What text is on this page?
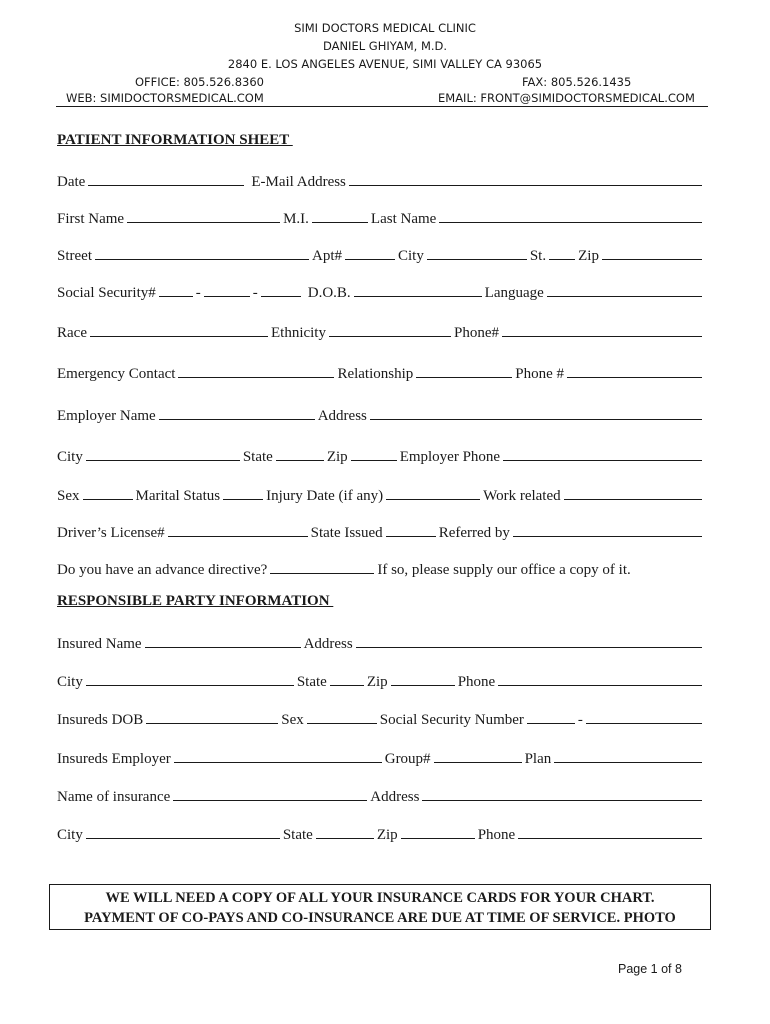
SIMI DOCTORS MEDICAL CLINIC
DANIEL GHIYAM, M.D.
2840 E. LOS ANGELES AVENUE, SIMI VALLEY CA 93065
OFFICE: 805.526.8360	FAX: 805.526.1435
WEB: SIMIDOCTORSMEDICAL.COM	EMAIL: FRONT@SIMIDOCTORSMEDICAL.COM
PATIENT INFORMATION SHEET
Date	E-Mail Address
First Name	M.I.	Last Name
Street	Apt#	City	St. Zip
Social Security#	-	-	D.O.B.	Language
Race	Ethnicity	Phone#
Emergency Contact	Relationship	Phone #
Employer Name	Address
City	State	Zip	Employer Phone
Sex	Marital Status	Injury Date (if any)	Work related
Driver’s License#	State Issued	Referred by
Do you have an advance directive?	If so, please supply our office a copy of it.
RESPONSIBLE PARTY INFORMATION
Insured Name	Address
City	State	Zip	Phone
Insureds DOB	Sex	Social Security Number	-
Insureds Employer	Group#	Plan
Name of insurance	Address
City	State	Zip	Phone
WE WILL NEED A COPY OF ALL YOUR INSURANCE CARDS FOR YOUR CHART.
PAYMENT OF CO-PAYS AND CO-INSURANCE ARE DUE AT TIME OF SERVICE. PHOTO
Page 1 of 8
